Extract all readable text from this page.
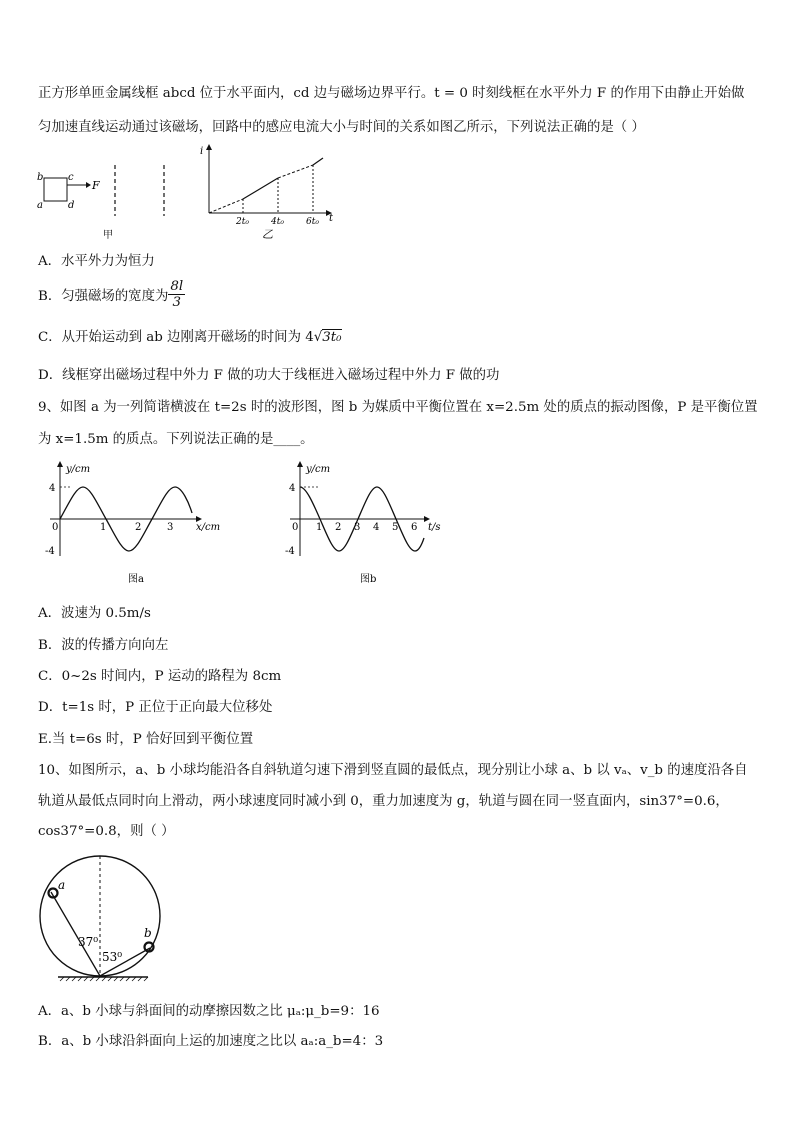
正方形单匝金属线框 abcd 位于水平面内，cd 边与磁场边界平行。t = 0 时刻线框在水平外力 F 的作用下由静止开始做
匀加速直线运动通过该磁场，回路中的感应电流大小与时间的关系如图乙所示，下列说法正确的是（ ）
b c
a	d
F
甲
i
t
2t₀ 4t₀ 6t₀
乙
A．水平外力为恒力
B．匀强磁场的宽度为 $\frac{8l}{3}$
C．从开始运动到 ab 边刚离开磁场的时间为 4√3t₀
D．线框穿出磁场过程中外力 F 做的功大于线框进入磁场过程中外力 F 做的功
9、如图 a 为一列简谐横波在 t=2s 时的波形图，图 b 为媒质中平衡位置在 x=2.5m 处的质点的振动图像，P 是平衡位置
为 x=1.5m 的质点。下列说法正确的是____。
y/cm
x/cm
4
-4
0	1	2	3
图a
y/cm
t/s
4
-4
0 1 2 3 4 5 6
图b
A．波速为 0.5m/s
B．波的传播方向向左
C．0~2s 时间内，P 运动的路程为 8cm
D．t=1s 时，P 正位于正向最大位移处
E.当 t=6s 时，P 恰好回到平衡位置
10、如图所示，a、b 小球均能沿各自斜轨道匀速下滑到竖直圆的最低点，现分别让小球 a、b 以 vₐ、v_b 的速度沿各自
轨道从最低点同时向上滑动，两小球速度同时减小到 0，重力加速度为 g，轨道与圆在同一竖直面内，sin37°=0.6，
cos37°=0.8，则（ ）
a
b
37⁰
53⁰
A．a、b 小球与斜面间的动摩擦因数之比 μₐ:μ_b=9：16
B．a、b 小球沿斜面向上运的加速度之比以 aₐ:a_b=4：3
